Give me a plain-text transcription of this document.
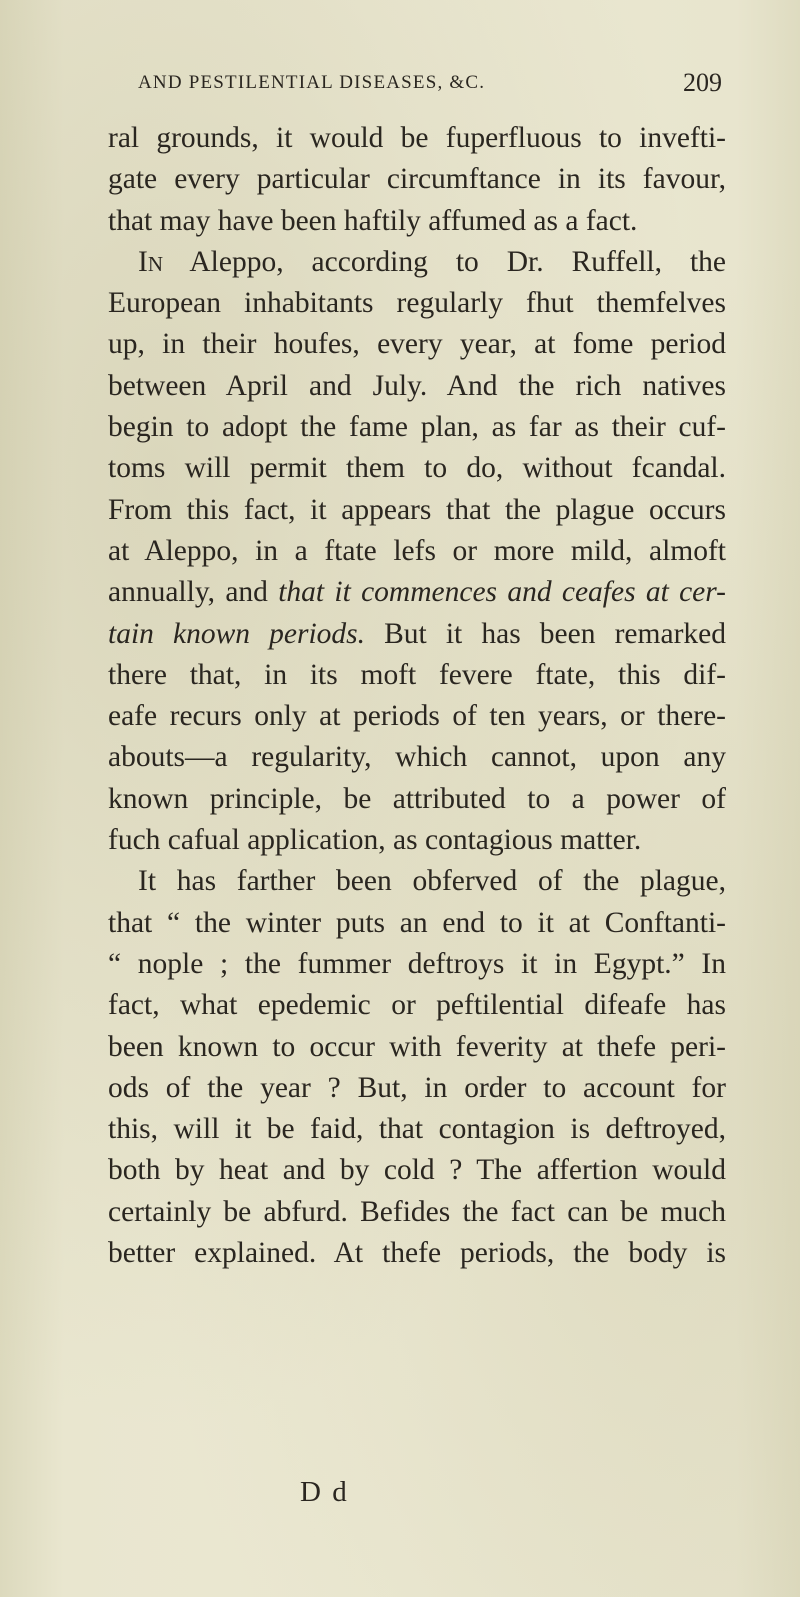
AND PESTILENTIAL DISEASES, &C.	209
ral grounds, it would be fuperfluous to invefti-
gate every particular circumftance in its favour,
that may have been haftily affumed as a fact.
In Aleppo, according to Dr. Ruffell, the
European inhabitants regularly fhut themfelves
up, in their houfes, every year, at fome period
between April and July. And the rich natives
begin to adopt the fame plan, as far as their cuf-
toms will permit them to do, without fcandal.
From this fact, it appears that the plague occurs
at Aleppo, in a ftate lefs or more mild, almoft
annually, and that it commences and ceafes at cer-
tain known periods. But it has been remarked
there that, in its moft fevere ftate, this dif-
eafe recurs only at periods of ten years, or there-
abouts—a regularity, which cannot, upon any
known principle, be attributed to a power of
fuch cafual application, as contagious matter.
It has farther been obferved of the plague,
that “ the winter puts an end to it at Conftanti-
“ nople ; the fummer deftroys it in Egypt.” In
fact, what epedemic or peftilential difeafe has
been known to occur with feverity at thefe peri-
ods of the year ? But, in order to account for
this, will it be faid, that contagion is deftroyed,
both by heat and by cold ? The affertion would
certainly be abfurd. Befides the fact can be much
better explained. At thefe periods, the body is
D d
